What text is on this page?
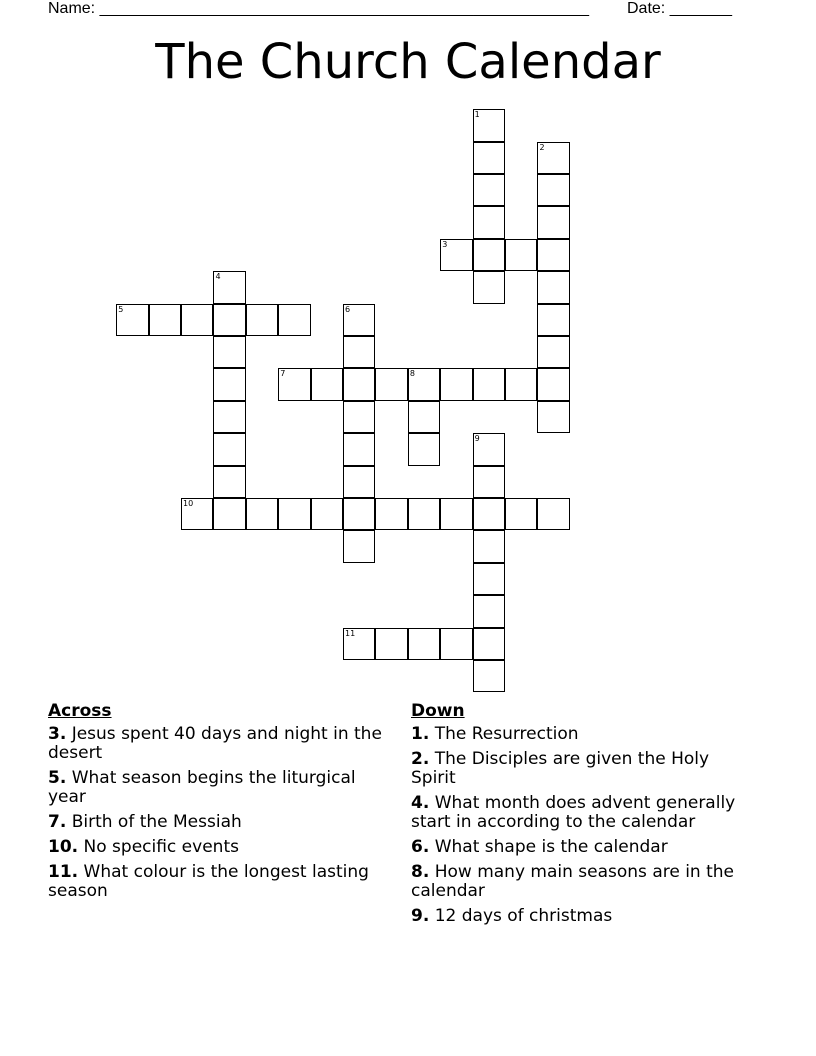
Name: _______________________________________________________ Date: _______
The Church Calendar
1
2
3
4
5	6
7	8
9
10
11
Across
3. Jesus spent 40 days and night in the desert
5. What season begins the liturgical year
7. Birth of the Messiah
10. No specific events
11. What colour is the longest lasting season
Down
1. The Resurrection
2. The Disciples are given the Holy Spirit
4. What month does advent generally start in according to the calendar
6. What shape is the calendar
8. How many main seasons are in the calendar
9. 12 days of christmas
